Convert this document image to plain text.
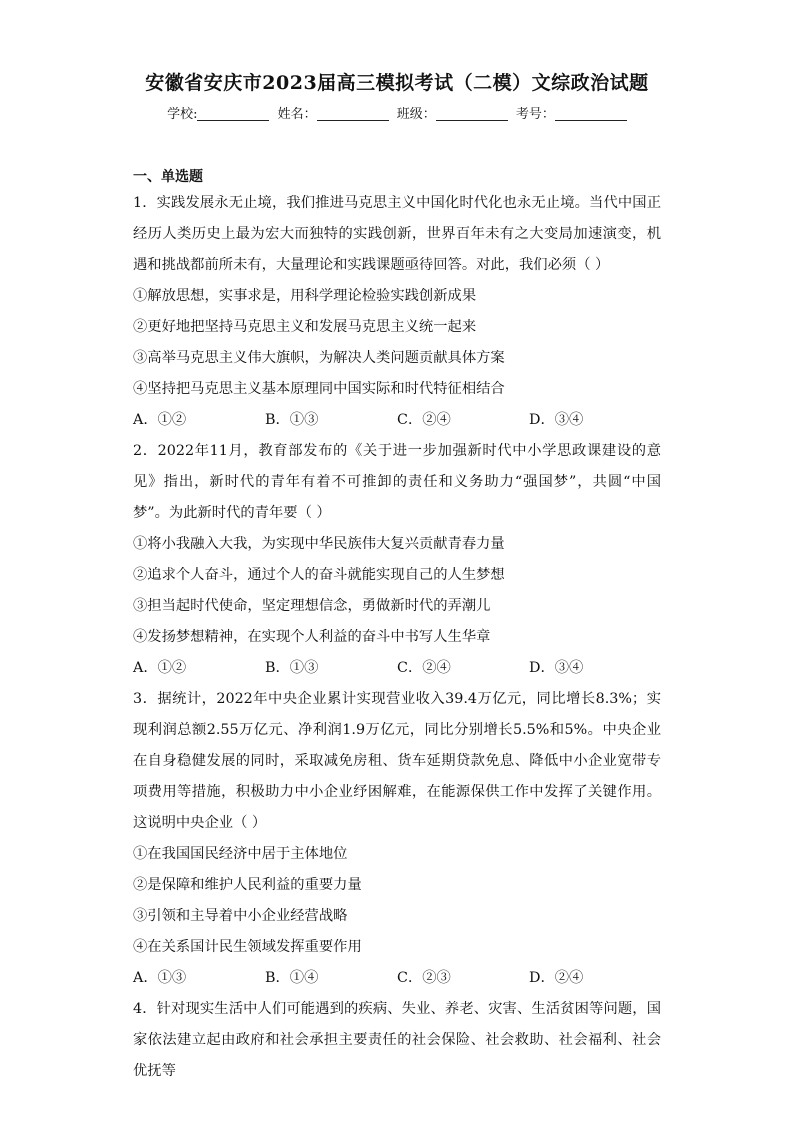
安徽省安庆市2023届高三模拟考试（二模）文综政治试题
学校:	姓名：	班级：	考号：
一、单选题

1．实践发展永无止境，我们推进马克思主义中国化时代化也永无止境。当代中国正经历人类历史上最为宏大而独特的实践创新，世界百年未有之大变局加速演变，机遇和挑战都前所未有，大量理论和实践课题亟待回答。对此，我们必须（ ）

①解放思想，实事求是，用科学理论检验实践创新成果

②更好地把坚持马克思主义和发展马克思主义统一起来

③高举马克思主义伟大旗帜，为解决人类问题贡献具体方案

④坚持把马克思主义基本原理同中国实际和时代特征相结合

A．①②	B．①③	C．②④	D．③④

2．2022年11月，教育部发布的《关于进一步加强新时代中小学思政课建设的意见》指出，新时代的青年有着不可推卸的责任和义务助力“强国梦”，共圆“中国梦”。为此新时代的青年要（ ）

①将小我融入大我，为实现中华民族伟大复兴贡献青春力量

②追求个人奋斗，通过个人的奋斗就能实现自己的人生梦想

③担当起时代使命，坚定理想信念，勇做新时代的弄潮儿

④发扬梦想精神，在实现个人利益的奋斗中书写人生华章

A．①②	B．①③	C．②④	D．③④

3．据统计，2022年中央企业累计实现营业收入39.4万亿元，同比增长8.3%；实现利润总额2.55万亿元、净利润1.9万亿元，同比分别增长5.5%和5%。中央企业在自身稳健发展的同时，采取减免房租、货车延期贷款免息、降低中小企业宽带专项费用等措施，积极助力中小企业纾困解难，在能源保供工作中发挥了关键作用。这说明中央企业（ ）

①在我国国民经济中居于主体地位

②是保障和维护人民利益的重要力量

③引领和主导着中小企业经营战略

④在关系国计民生领域发挥重要作用

A．①③	B．①④	C．②③	D．②④

4．针对现实生活中人们可能遇到的疾病、失业、养老、灾害、生活贫困等问题，国家依法建立起由政府和社会承担主要责任的社会保险、社会救助、社会福利、社会优抚等
